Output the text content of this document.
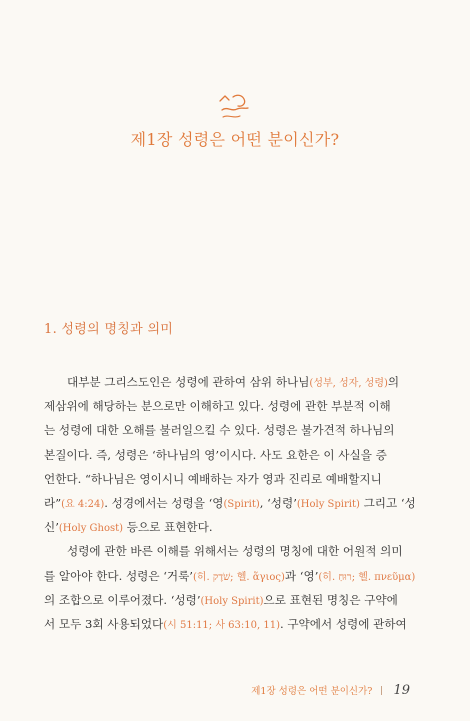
제1장 성령은 어떤 분이신가?
1. 성령의 명칭과 의미
대부분 그리스도인은 성령에 관하여 삼위 하나님(성부, 성자, 성령)의
제삼위에 해당하는 분으로만 이해하고 있다. 성령에 관한 부분적 이해
는 성령에 대한 오해를 불러일으킬 수 있다. 성령은 불가견적 하나님의
본질이다. 즉, 성령은 ‘하나님의 영’이시다. 사도 요한은 이 사실을 증
언한다. “하나님은 영이시니 예배하는 자가 영과 진리로 예배할지니
라”(요 4:24). 성경에서는 성령을 ‘영(Spirit), ‘성령’(Holy Spirit) 그리고 ‘성
신’(Holy Ghost) 등으로 표현한다.
성령에 관한 바른 이해를 위해서는 성령의 명칭에 대한 어원적 의미
를 알아야 한다. 성령은 ‘거룩’(히. שֹׁדֶק; 헬. ἅγιος)과 ‘영’(히. רוּחַ; 헬. πνεῦμα)
의 조합으로 이루어졌다. ‘성령’(Holy Spirit)으로 표현된 명칭은 구약에
서 모두 3회 사용되었다(시 51:11; 사 63:10, 11). 구약에서 성령에 관하여
제1장 성령은 어떤 분이신가? 19
